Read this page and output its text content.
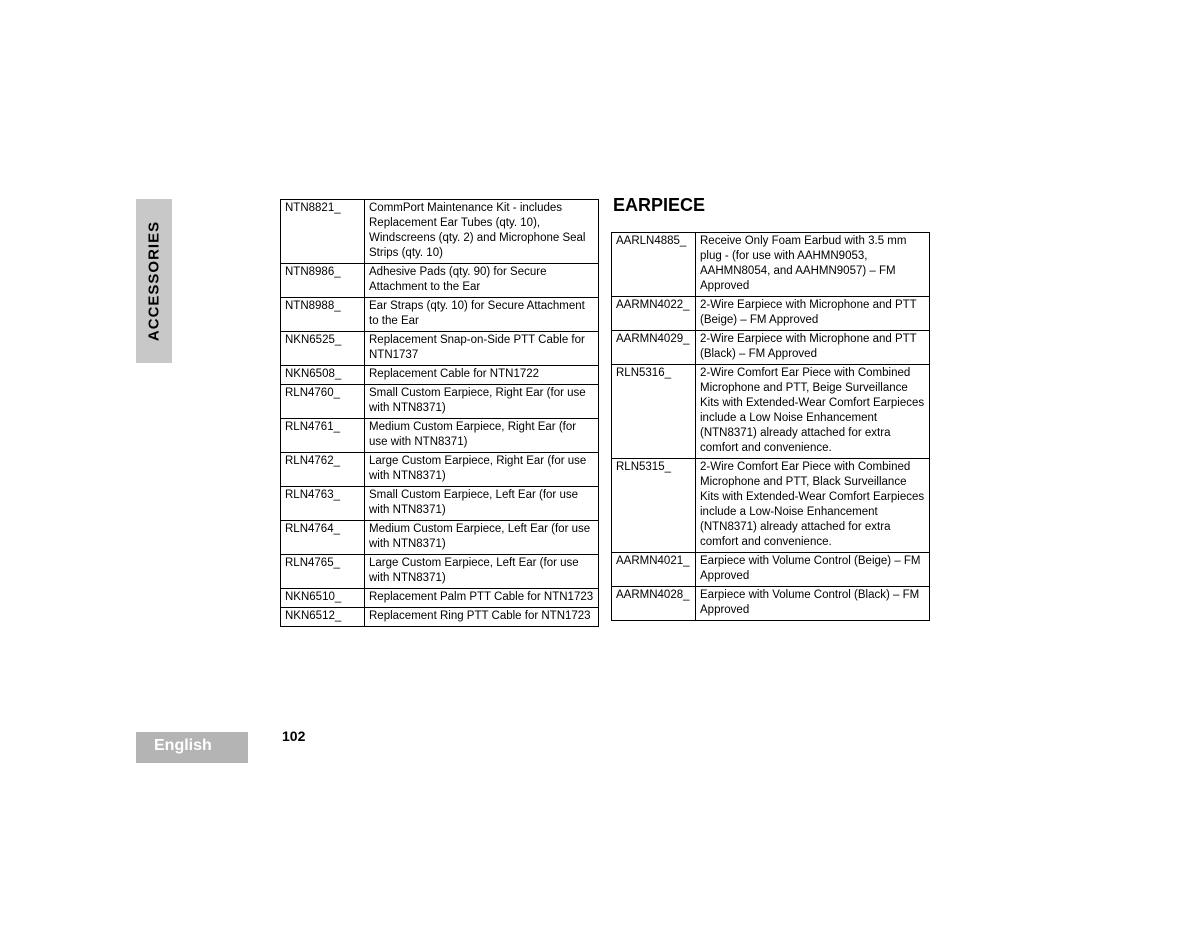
ACCESSORIES
NTN8821_	CommPort Maintenance Kit - includes Replacement Ear Tubes (qty. 10), Windscreens (qty. 2) and Microphone Seal Strips (qty. 10)
NTN8986_	Adhesive Pads (qty. 90) for Secure Attachment to the Ear
NTN8988_	Ear Straps (qty. 10) for Secure Attachment to the Ear
NKN6525_	Replacement Snap-on-Side PTT Cable for NTN1737
NKN6508_	Replacement Cable for NTN1722
RLN4760_	Small Custom Earpiece, Right Ear (for use with NTN8371)
RLN4761_	Medium Custom Earpiece, Right Ear (for use with NTN8371)
RLN4762_	Large Custom Earpiece, Right Ear (for use with NTN8371)
RLN4763_	Small Custom Earpiece, Left Ear (for use with NTN8371)
RLN4764_	Medium Custom Earpiece, Left Ear (for use with NTN8371)
RLN4765_	Large Custom Earpiece, Left Ear (for use with NTN8371)
NKN6510_	Replacement Palm PTT Cable for NTN1723
NKN6512_	Replacement Ring PTT Cable for NTN1723
EARPIECE
AARLN4885_	Receive Only Foam Earbud with 3.5 mm plug - (for use with AAHMN9053, AAHMN8054, and AAHMN9057) – FM Approved
AARMN4022_	2-Wire Earpiece with Microphone and PTT (Beige) – FM Approved
AARMN4029_	2-Wire Earpiece with Microphone and PTT (Black) – FM Approved
RLN5316_	2-Wire Comfort Ear Piece with Combined Microphone and PTT, Beige Surveillance Kits with Extended-Wear Comfort Earpieces include a Low Noise Enhancement (NTN8371) already attached for extra comfort and convenience.
RLN5315_	2-Wire Comfort Ear Piece with Combined Microphone and PTT, Black Surveillance Kits with Extended-Wear Comfort Earpieces include a Low-Noise Enhancement (NTN8371) already attached for extra comfort and convenience.
AARMN4021_	Earpiece with Volume Control (Beige) – FM Approved
AARMN4028_	Earpiece with Volume Control (Black) – FM Approved
English
102
